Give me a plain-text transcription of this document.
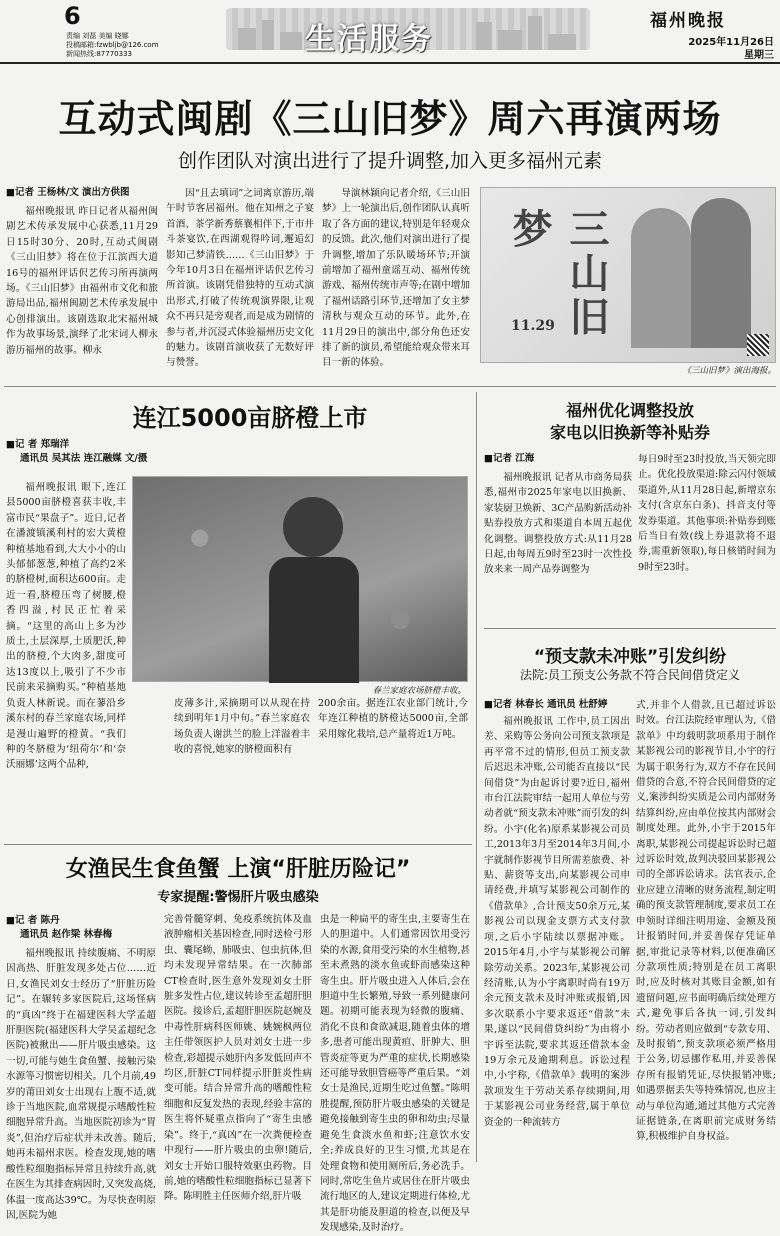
6
责编 刘磊 美编 晓娜
投稿邮箱:fzwbljb@126.com
新闻热线:87770333	生活服务
福州晚报
2025年11月26日
星期三
互动式闽剧《三山旧梦》周六再演两场
创作团队对演出进行了提升调整,加入更多福州元素
■记者 王杨林/文 演出方供图

福州晚报讯 昨日记者从福州闽剧艺术传承发展中心获悉,11月29日15时30分、20时,互动式闽剧《三山旧梦》将在位于江滨西大道16号的福州评话伬艺传习所再演两场。《三山旧梦》由福州市文化和旅游局出品,福州闽剧艺术传承发展中心创排演出。该剧选取北宋福州城作为故事场景,演绎了北宋词人柳永游历福州的故事。柳永

因“且去填词”之词离京游历,端午时节客居福州。他在知州之子宴首酒、茶学新秀蔡襄相伴下,于市井斗茶宴饮,在西湖观得吟词,邂逅幻影知己梦清铁……《三山旧梦》于今年10月3日在福州评话伬艺传习所首演。该剧凭借独特的互动式演出形式,打破了传统观演界限,让观众不再只是旁观者,而是成为剧情的参与者,并沉浸式体验福州历史文化的魅力。该剧首演收获了无数好评与赞誉。

导演林颖向记者介绍,《三山旧梦》上一轮演出后,创作团队认真听取了各方面的建议,特别是年轻观众的反馈。此次,他们对演出进行了提升调整,增加了乐队暖场环节;开演前增加了福州童谣互动、福州传统游戏、福州传统市声等;在剧中增加了福州话路引环节,还增加了女主梦清秋与观众互动的环节。此外,在11月29日的演出中,部分角色还安排了新的演员,希望能给观众带来耳目一新的体验。

三山旧梦
11.29
《三山旧梦》演出海报。
连江5000亩脐橙上市
■记 者 郑瑞洋
通讯员 吴其法 连江融媒 文/摄

福州晚报讯 眼下,连江县5000亩脐橙喜获丰收,丰富市民“果盘子”。近日,记者在潘渡镇溪利村的宏大黄橙种植基地看到,大大小小的山头郁郁葱葱,种植了高约2米的脐橙树,面积达600亩。走近一看,脐橙压弯了树腰,橙香四溢,村民正忙着采摘。“这里的高山上多为沙质土,土层深厚,土质肥沃,种出的脐橙,个大肉多,甜度可达13度以上,吸引了不少市民前来采摘购买。”种植基地负责人林新说。而在蓼沿乡溪东村的春兰家庭农场,同样是漫山遍野的橙黄。“我们种的冬脐橙为‘纽荷尔’和‘奈沃丽娜’这两个品种,

春兰家庭农场脐橙丰收。

皮薄多汁,采摘期可以从现在持续到明年1月中旬。”春兰家庭农场负责人谢洪兰的脸上洋溢着丰收的喜悦,她家的脐橙面积有

200余亩。据连江农业部门统计,今年连江种植的脐橙达5000亩,全部采用嫁化栽培,总产量将近1万吨。

福州优化调整投放
家电以旧换新等补贴券
■记者 江海

福州晚报讯 记者从市商务局获悉,福州市2025年家电以旧换新、家装厨卫焕新、3C产品购新活动补贴券投放方式和渠道自本周五起优化调整。调整投放方式:从11月28日起,由每周五9时至23时一次性投放来来一周产品券调整为

每日9时至23时投放,当天领完即止。优化投放渠道:除云闪付领域渠道外,从11月28日起,新增京东支付(含京东白条)、抖音支付等发券渠道。其他事项:补贴券到账后当日有效(线上券退款将不退券,需重新领取),每日核销时间为9时至23时。

“预支款未冲账”引发纠纷
法院:员工预支公务款不符合民间借贷定义
■记者 林春长 通讯员 杜舒婷

福州晚报讯 工作中,员工因出差、采购等公务向公司预支款项是再平常不过的情形,但员工预支款后迟迟未冲账,公司能否直接以“民间借贷”为由起诉讨要?近日,福州市台江法院审结一起用人单位与劳动者就“预支款未冲账”而引发的纠纷。小宇(化名)原系某影视公司员工,2013年3月至2014年3月间,小宇就制作影视节目所需差旅费、补贴、薪资等支出,向某影视公司申请经费,并填写某影视公司制作的《借款单》,合计预支50余万元,某影视公司以现金支票方式支付款项,之后小宇陆续以票据冲账。2015年4月,小宇与某影视公司解除劳动关系。2023年,某影视公司经清账,认为小宇离职时尚有19万余元预支款未及时冲账或报销,因多次联系小宇要求返还“借款”未果,遂以“民间借贷纠纷”为由将小宇诉至法院,要求其返还借款本金19万余元及逾期利息。诉讼过程中,小宇称,《借款单》载明的案涉款项发生于劳动关系存续期间,用于某影视公司业务经营,属于单位资金的一种流转方

式,并非个人借款,且已超过诉讼时效。台江法院经审理认为,《借款单》中均载明款项系用于制作某影视公司的影视节目,小宇的行为属于职务行为,双方不存在民间借贷的合意,不符合民间借贷的定义,案涉纠纷实质是公司内部财务结算纠纷,应由单位按其内部财会制度处理。此外,小宇于2015年离职,某影视公司提起诉讼时已超过诉讼时效,故判决驳回某影视公司的全部诉讼请求。法官表示,企业应建立清晰的财务流程,制定明确的预支款管理制度,要求员工在申领时详细注明用途、金额及预计报销时间,并妥善保存凭证单据,审批记录等材料,以便准确区分款项性质;特别是在员工离职时,应及时核对其账目金额,如有遗留问题,应书面明确后续处理方式,避免事后各执一词,引发纠纷。劳动者则应做到“专款专用、及时报销”,预支款项必须严格用于公务,切忌挪作私用,并妥善保存所有报销凭证,尽快报销冲账;如遇票据丢失等特殊情况,也应主动与单位沟通,通过其他方式完善证据链条,在离职前完成财务结算,积极维护自身权益。

女渔民生食鱼蟹 上演“肝脏历险记”
专家提醒:警惕肝片吸虫感染
■记 者 陈丹
通讯员 赵作梁 林春梅

福州晚报讯 持续腹痛、不明原因高热、肝脏发现多处占位……近日,女渔民刘女士经历了“肝脏历险记”。在辗转多家医院后,这场怪病的“真凶”终于在福建医科大学孟超肝胆医院(福建医科大学吴孟超纪念医院)被揪出——肝片吸虫感染。这一切,可能与她生食鱼蟹、接触污染水源等习惯密切相关。几个月前,49岁的莆田刘女士出现右上腹不适,就诊于当地医院,血常规提示嗜酸性粒细胞异常升高。当地医院初诊为“胃炎”,但治疗后症状并未改善。随后,她再未福州求医。检查发现,她的嗜酸性粒细胞指标异常且持续升高,就在医生为其排查病因时,又突发高烧,体温一度高达39℃。为尽快查明原因,医院为她

完善骨髓穿刺、免疫系统抗体及血液肿瘤相关基因检查,同时送检弓形虫、囊尾蚴、肺吸虫、包虫抗体,但均未发现异常结果。在一次肺部CT检查时,医生意外发现刘女士肝脏多发性占位,建议转诊至孟超肝胆医院。接诊后,孟超肝胆医院赵婉及中毒性肝病科医师姚、姚婉枫两位主任带领医护人员对刘女士进一步检查,彩超提示她肝内多发低回声不均区,肝脏CT同样提示肝脏炎性病变可能。结合异常升高的嗜酸性粒细胞和反复发热的表现,经验丰富的医生将怀疑重点指向了“寄生虫感染”。终于,“真凶”在一次粪便检查中现行——肝片吸虫的虫卵!随后,刘女士开始口服特效驱虫药物。目前,她的嗜酸性粒细胞指标已显著下降。陈明胜主任医师介绍,肝片吸

虫是一种扁平的寄生虫,主要寄生在人的胆道中。人们通常因饮用受污染的水源,食用受污染的水生植物,甚至未煮熟的淡水鱼或虾而感染这种寄生虫。肝片吸虫进入人体后,会在胆道中生长繁殖,导致一系列健康问题。初期可能表现为轻微的腹痛、消化不良和食欲减退,随着虫体的增多,患者可能出现黄疸、肝肿大、胆管炎症等更为严重的症状,长期感染还可能导致胆管癌等严重后果。“刘女士是渔民,近期生吃过鱼蟹。”陈明胜提醒,预防肝片吸虫感染的关键是避免接触到寄生虫的卵和幼虫;尽量避免生食淡水鱼和虾;注意饮水安全;养成良好的卫生习惯,尤其是在处理食物和使用厕所后,务必洗手。同时,常吃生鱼片或居住在肝片吸虫流行地区的人,建议定期进行体检,尤其是肝功能及胆道的检查,以便及早发现感染,及时治疗。
